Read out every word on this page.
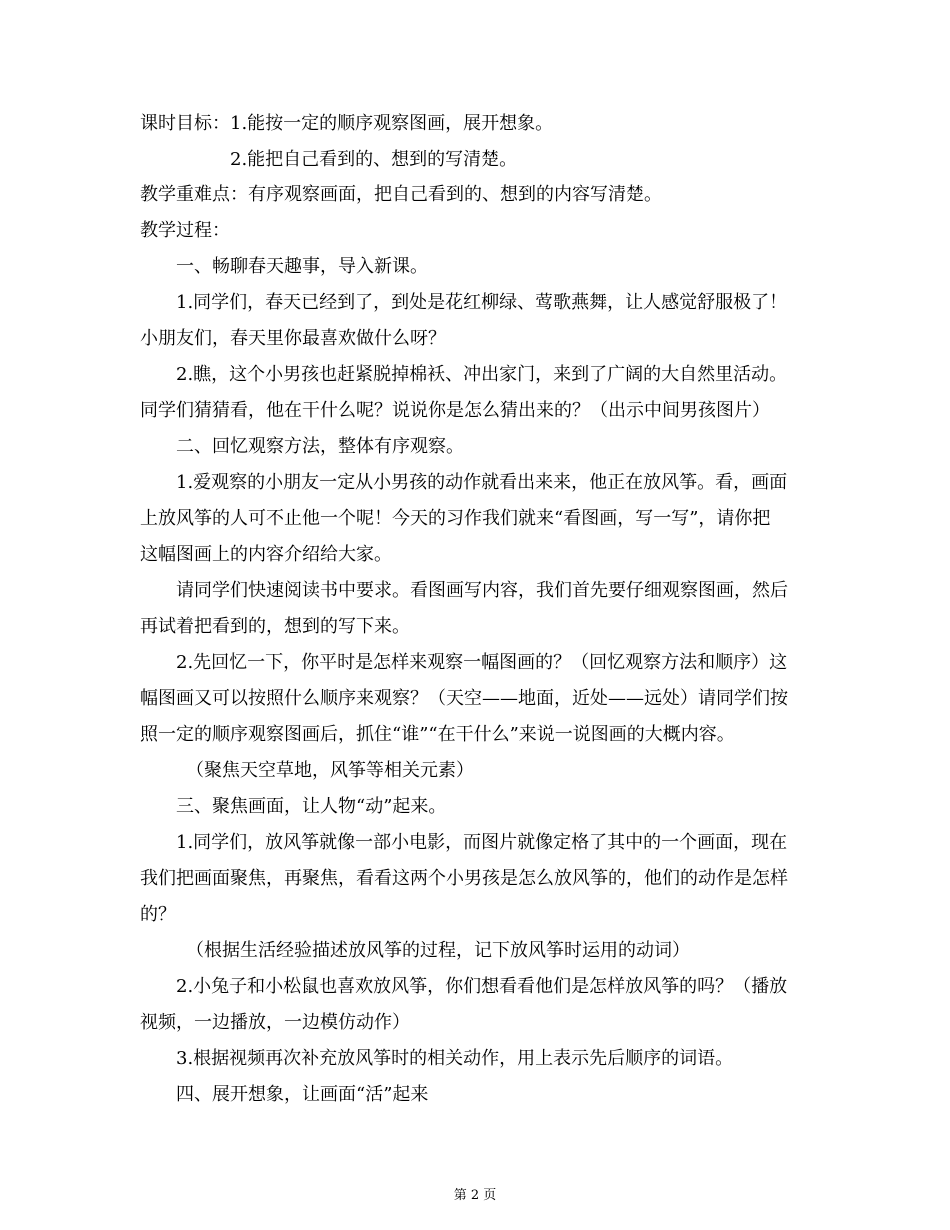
课时目标：1.能按一定的顺序观察图画，展开想象。
2.能把自己看到的、想到的写清楚。
教学重难点：有序观察画面，把自己看到的、想到的内容写清楚。
教学过程：
一、畅聊春天趣事，导入新课。
1.同学们，春天已经到了，到处是花红柳绿、莺歌燕舞，让人感觉舒服极了！
小朋友们，春天里你最喜欢做什么呀？
2.瞧，这个小男孩也赶紧脱掉棉袄、冲出家门，来到了广阔的大自然里活动。
同学们猜猜看，他在干什么呢？说说你是怎么猜出来的？（出示中间男孩图片）
二、回忆观察方法，整体有序观察。
1.爱观察的小朋友一定从小男孩的动作就看出来来，他正在放风筝。看，画面
上放风筝的人可不止他一个呢！今天的习作我们就来“看图画，写一写”，请你把
这幅图画上的内容介绍给大家。
请同学们快速阅读书中要求。看图画写内容，我们首先要仔细观察图画，然后
再试着把看到的，想到的写下来。
2.先回忆一下，你平时是怎样来观察一幅图画的？（回忆观察方法和顺序）这
幅图画又可以按照什么顺序来观察？（天空——地面，近处——远处）请同学们按
照一定的顺序观察图画后，抓住“谁”“在干什么”来说一说图画的大概内容。
（聚焦天空草地，风筝等相关元素）
三、聚焦画面，让人物“动”起来。
1.同学们，放风筝就像一部小电影，而图片就像定格了其中的一个画面，现在
我们把画面聚焦，再聚焦，看看这两个小男孩是怎么放风筝的，他们的动作是怎样
的？
（根据生活经验描述放风筝的过程，记下放风筝时运用的动词）
2.小兔子和小松鼠也喜欢放风筝，你们想看看他们是怎样放风筝的吗？（播放
视频，一边播放，一边模仿动作）
3.根据视频再次补充放风筝时的相关动作，用上表示先后顺序的词语。
四、展开想象，让画面“活”起来
第 2 页
